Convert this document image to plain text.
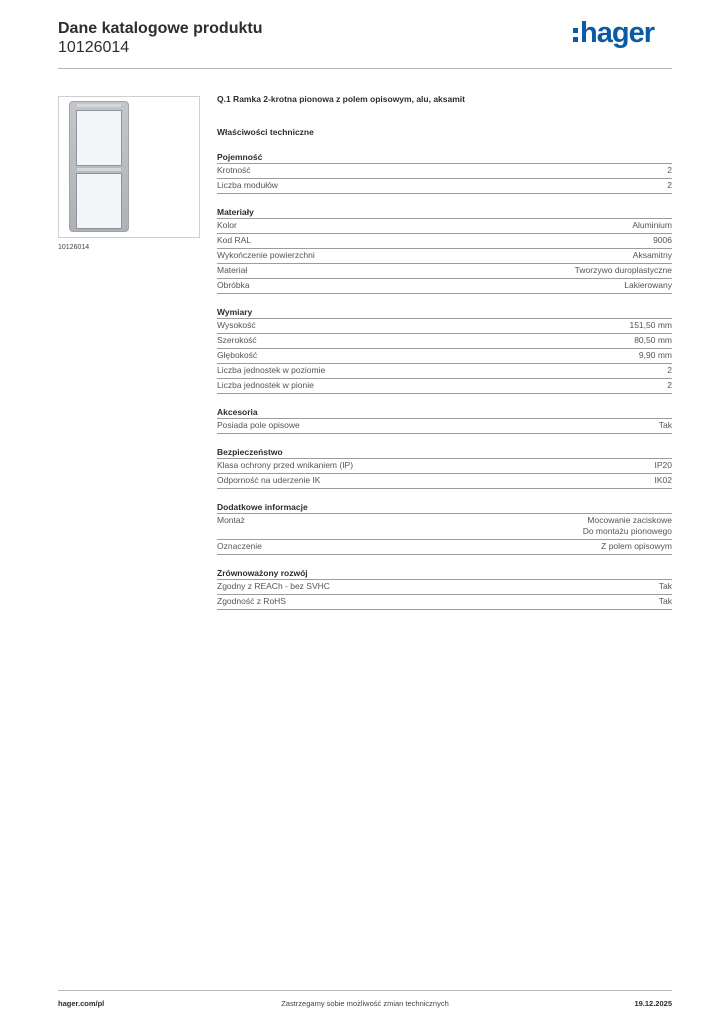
Dane katalogowe produktu
10126014	hager
10126014
Q.1 Ramka 2-krotna pionowa z polem opisowym, alu, aksamit
Właściwości techniczne
Pojemność
Krotność	2
Liczba modułów	2
Materiały
Kolor	Aluminium
Kod RAL	9006
Wykończenie powierzchni	Aksamitny
Materiał	Tworzywo duroplastyczne
Obróbka	Lakierowany
Wymiary
Wysokość	151,50 mm
Szerokość	80,50 mm
Głębokość	9,90 mm
Liczba jednostek w poziomie	2
Liczba jednostek w pionie	2
Akcesoria
Posiada pole opisowe	Tak
Bezpieczeństwo
Klasa ochrony przed wnikaniem (IP)	IP20
Odporność na uderzenie IK	IK02
Dodatkowe informacje
Montaż	Mocowanie zaciskowe
Do montażu pionowego
Oznaczenie	Z polem opisowym
Zrównoważony rozwój
Zgodny z REACh - bez SVHC	Tak
Zgodność z RoHS	Tak
hager.com/pl	Zastrzegamy sobie możliwość zmian technicznych	19.12.2025
